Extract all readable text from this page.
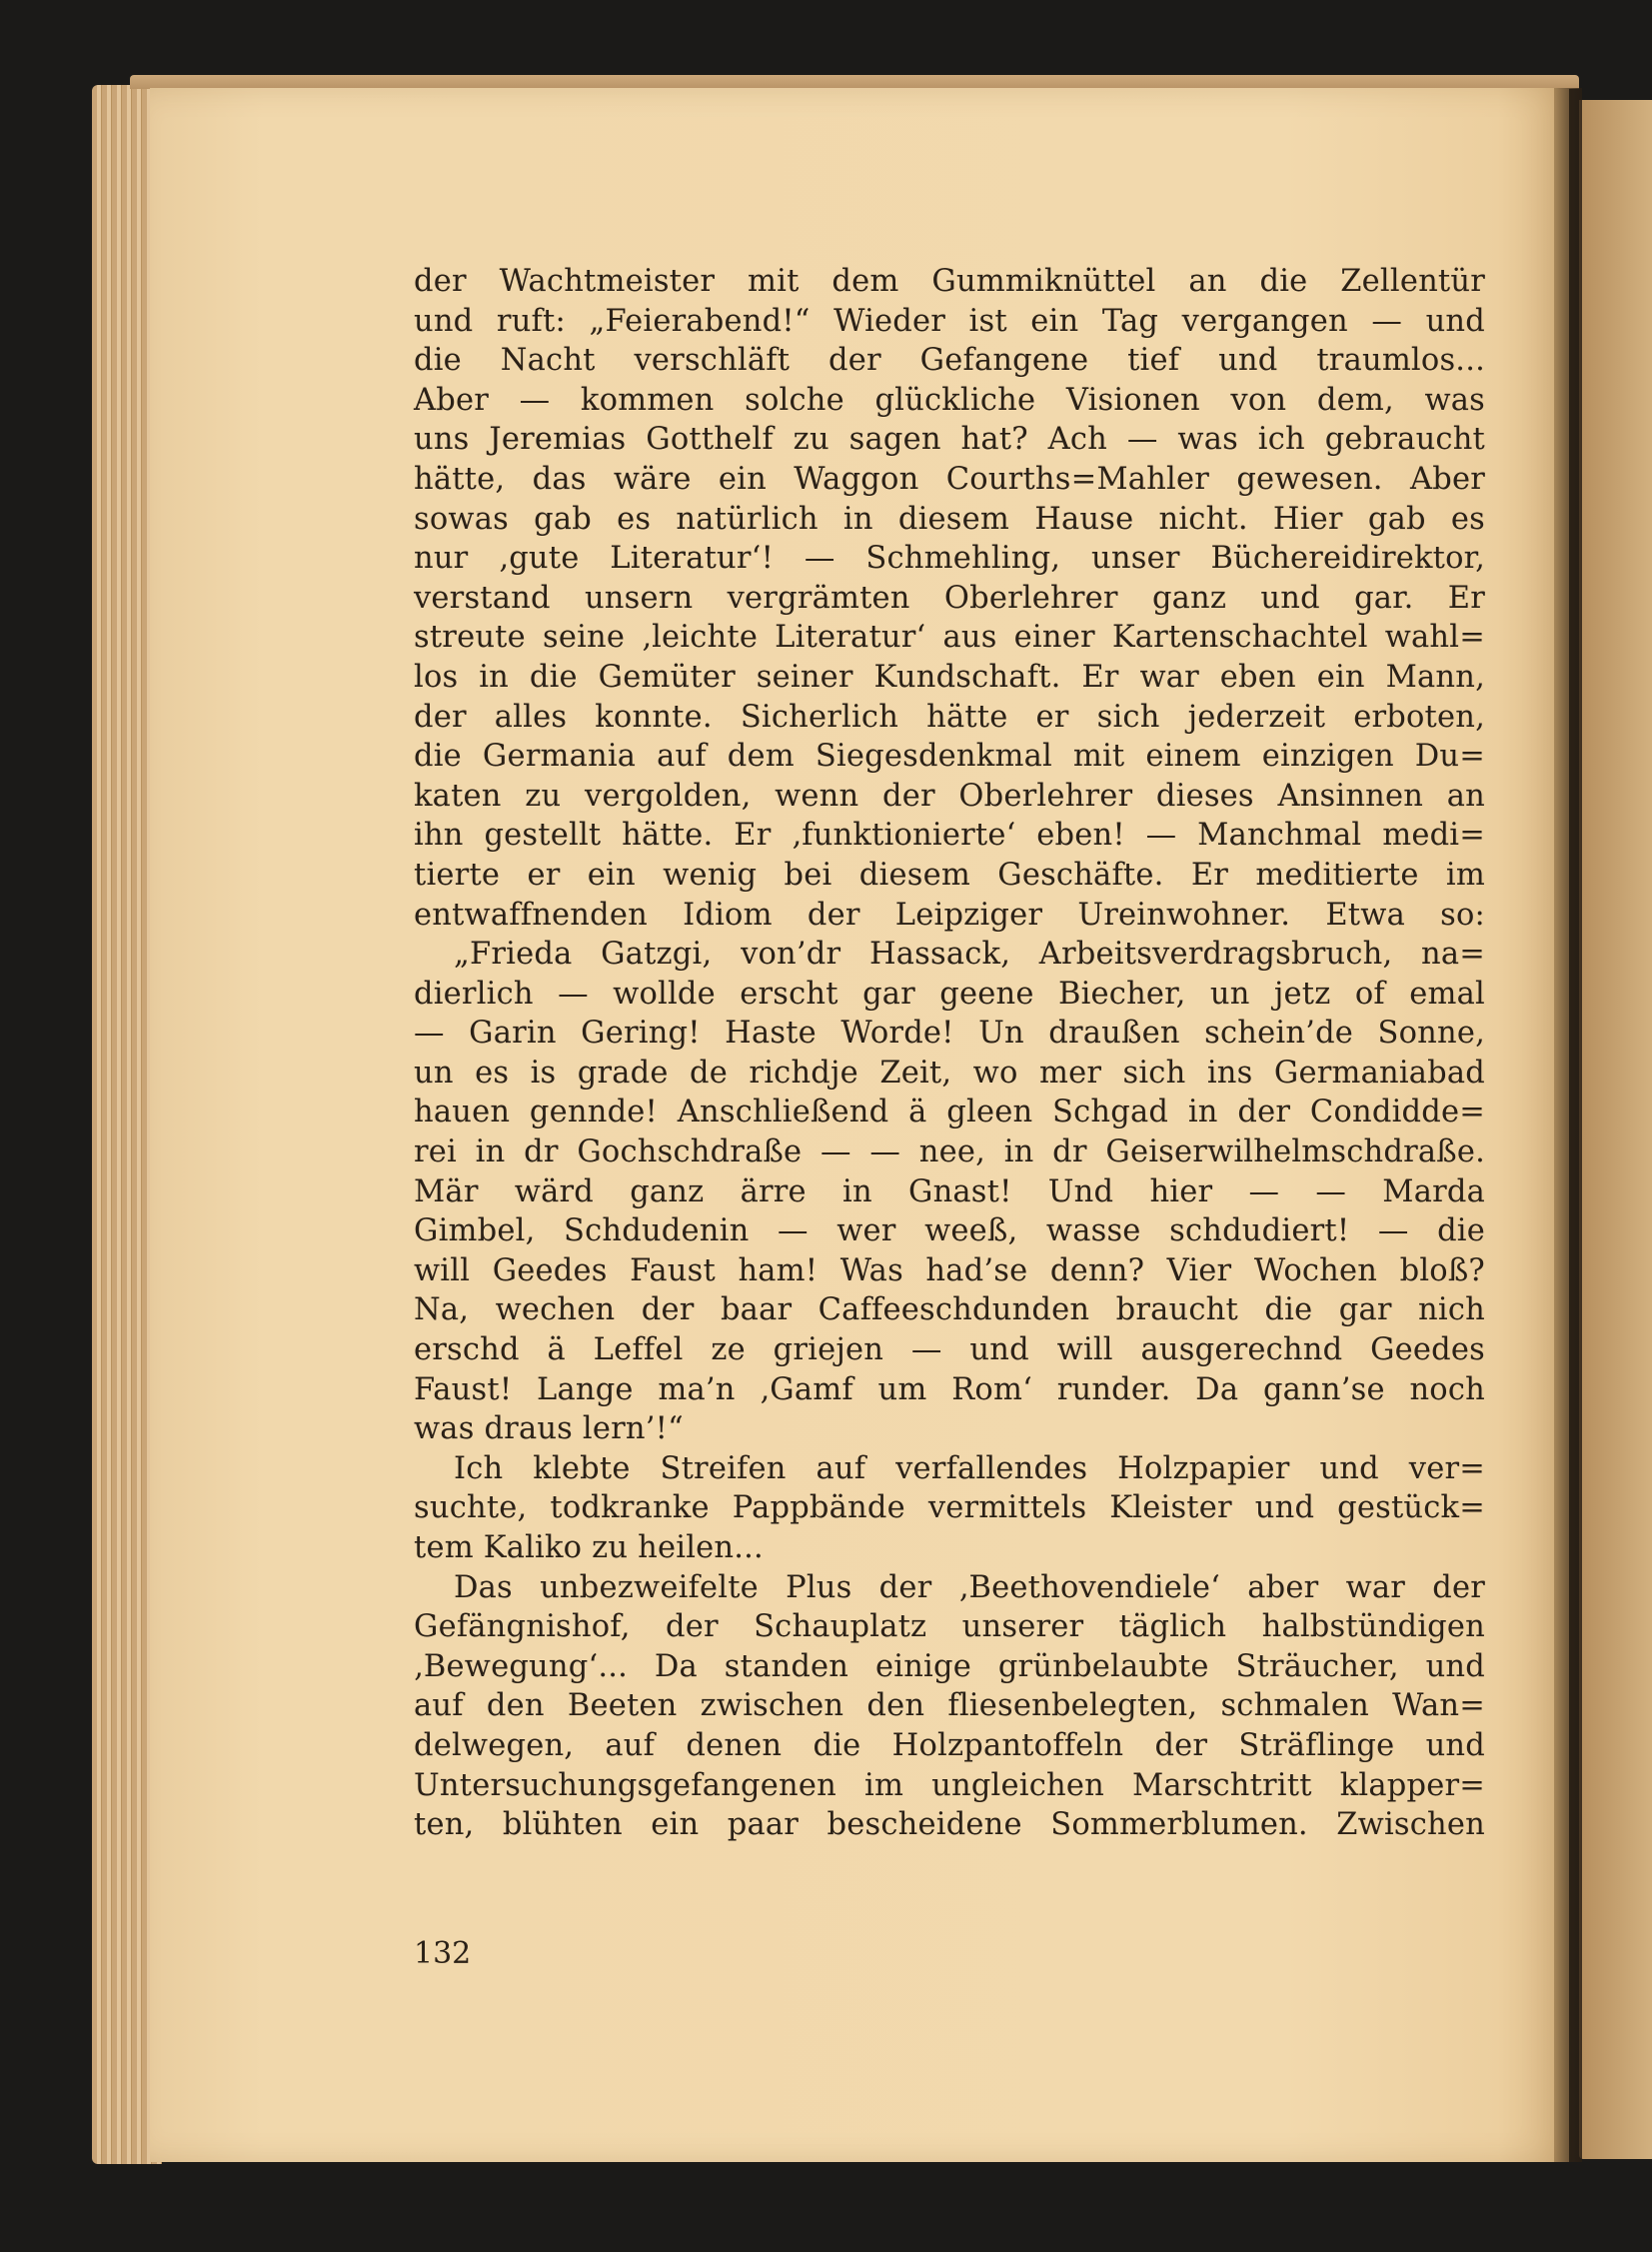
der Wachtmeister mit dem Gummiknüttel an die Zellentür
und ruft: „Feierabend!“ Wieder ist ein Tag vergangen — und
die Nacht verschläft der Gefangene tief und traumlos...
Aber — kommen solche glückliche Visionen von dem, was
uns Jeremias Gotthelf zu sagen hat? Ach — was ich gebraucht
hätte, das wäre ein Waggon Courths=Mahler gewesen. Aber
sowas gab es natürlich in diesem Hause nicht. Hier gab es
nur ‚gute Literatur‘! — Schmehling, unser Büchereidirektor,
verstand unsern vergrämten Oberlehrer ganz und gar. Er
streute seine ‚leichte Literatur‘ aus einer Kartenschachtel wahl=
los in die Gemüter seiner Kundschaft. Er war eben ein Mann,
der alles konnte. Sicherlich hätte er sich jederzeit erboten,
die Germania auf dem Siegesdenkmal mit einem einzigen Du=
katen zu vergolden, wenn der Oberlehrer dieses Ansinnen an
ihn gestellt hätte. Er ‚funktionierte‘ eben! — Manchmal medi=
tierte er ein wenig bei diesem Geschäfte. Er meditierte im
entwaffnenden Idiom der Leipziger Ureinwohner. Etwa so:
„Frieda Gatzgi, von’dr Hassack, Arbeitsverdragsbruch, na=
dierlich — wollde erscht gar geene Biecher, un jetz of emal
— Garin Gering! Haste Worde! Un draußen schein’de Sonne,
un es is grade de richdje Zeit, wo mer sich ins Germaniabad
hauen gennde! Anschließend ä gleen Schgad in der Condidde=
rei in dr Gochschdraße — — nee, in dr Geiserwilhelmschdraße.
Mär wärd ganz ärre in Gnast! Und hier — — Marda
Gimbel, Schdudenin — wer weeß, wasse schdudiert! — die
will Geedes Faust ham! Was had’se denn? Vier Wochen bloß?
Na, wechen der baar Caffeeschdunden braucht die gar nich
erschd ä Leffel ze griejen — und will ausgerechnd Geedes
Faust! Lange ma’n ‚Gamf um Rom‘ runder. Da gann’se noch
was draus lern’!“
Ich klebte Streifen auf verfallendes Holzpapier und ver=
suchte, todkranke Pappbände vermittels Kleister und gestück=
tem Kaliko zu heilen...
Das unbezweifelte Plus der ‚Beethovendiele‘ aber war der
Gefängnishof, der Schauplatz unserer täglich halbstündigen
‚Bewegung‘... Da standen einige grünbelaubte Sträucher, und
auf den Beeten zwischen den fliesenbelegten, schmalen Wan=
delwegen, auf denen die Holzpantoffeln der Sträflinge und
Untersuchungsgefangenen im ungleichen Marschtritt klapper=
ten, blühten ein paar bescheidene Sommerblumen. Zwischen
132
